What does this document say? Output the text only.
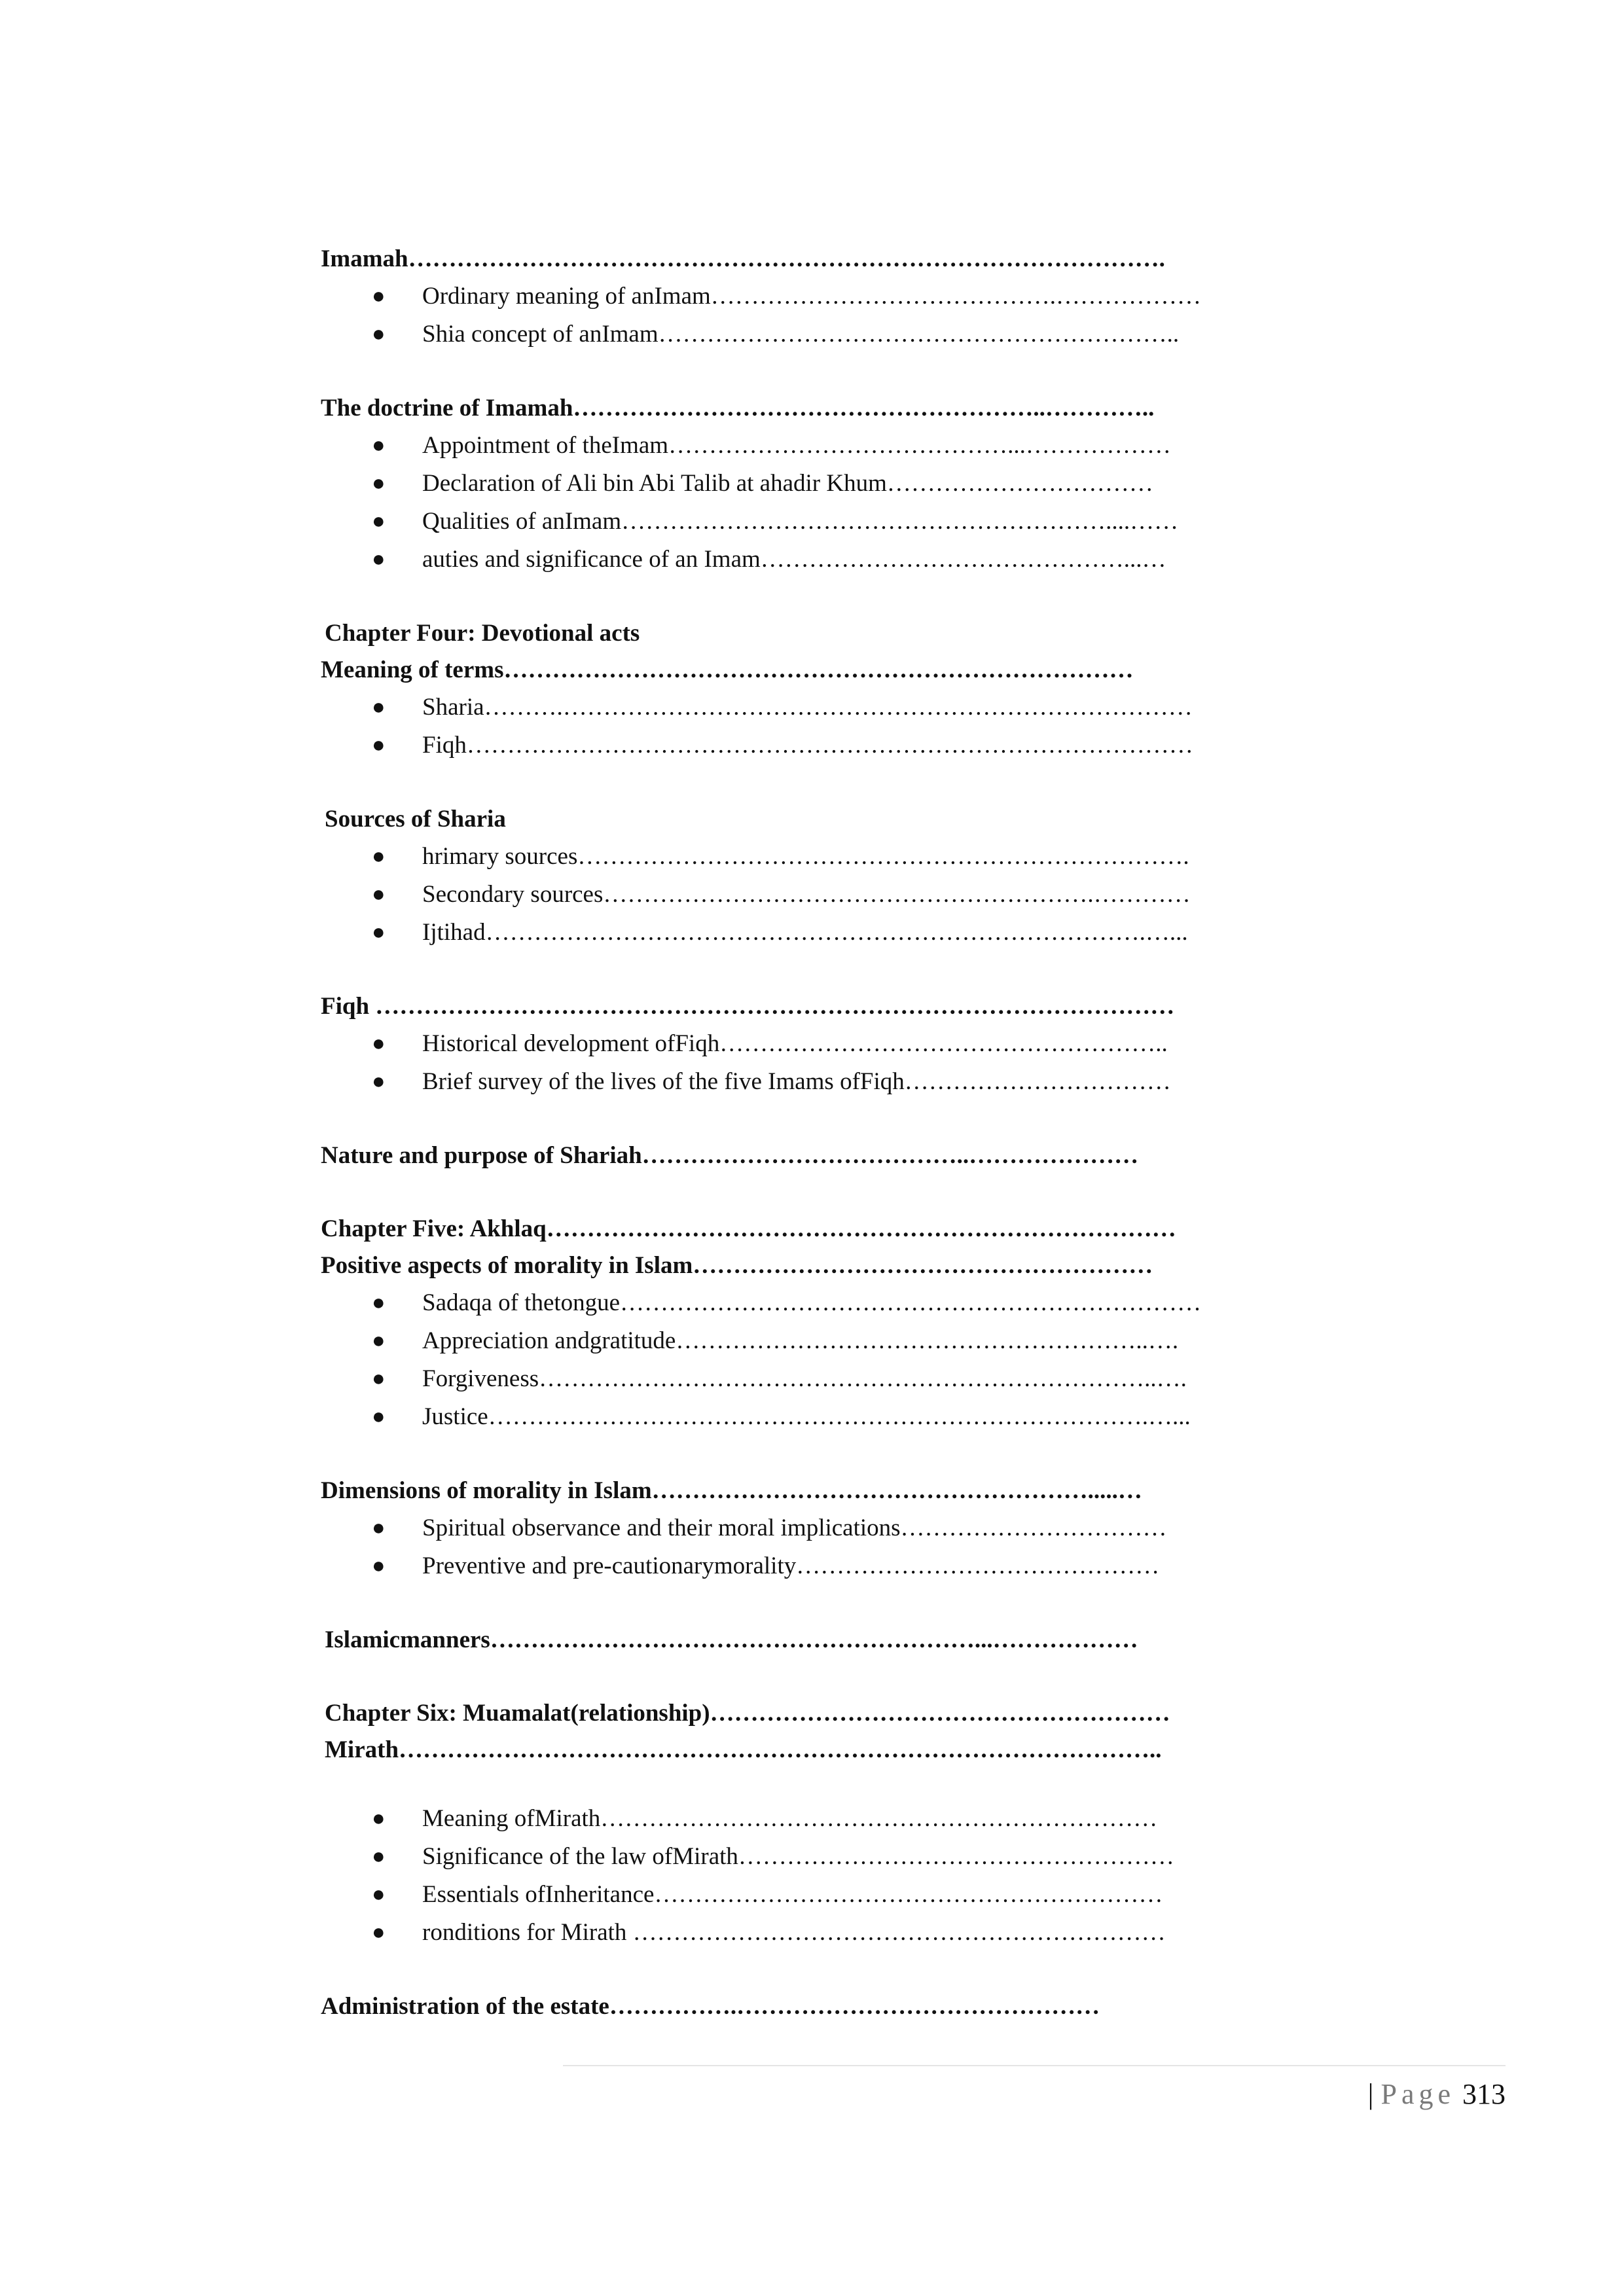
Imamah………………………………………………………………………………….
● Ordinary meaning of anImam…………………………………….………………
● Shia concept of anImam………………………………………………………..
The doctrine of Imamah…………………………………………………..…………..
● Appointment of theImam……………………………………...………………
● Declaration of Ali bin Abi Talib at ahadir Khum……………………………
● Qualities of anImam……………………………………………………....……
● auties and significance of an Imam………………………………………...…
Chapter Four: Devotional acts
Meaning of terms……………………………………………………………………
● Sharia……….……………………………………………………………………
● Fiqh………………………………………………………………………………
Sources of Sharia
● hrimary sources………………………………………………………………….
● Secondary sources…………………………………………………….…………
● Ijtihad……………………………………………………………………….…...
Fiqh ………………………………………………………………………………………
● Historical development ofFiqh………………………………………………..
● Brief survey of the lives of the five Imams ofFiqh……………………………
Nature and purpose of Shariah…………………………………..…………………
Chapter Five: Akhlaq……………………………………………………………………
Positive aspects of morality in Islam…………………………………………………
● Sadaqa of thetongue………………………………………………………………
● Appreciation andgratitude…………………………………………………..….
● Forgiveness…………………………………………………………………..….
● Justice……………………………………………………………………….…...
Dimensions of morality in Islam……………………………………………….....…
● Spiritual observance and their moral implications……………………………
● Preventive and pre-cautionarymorality………………………………………
Islamicmanners……………………………………………………...………………
Chapter Six: Muamalat(relationship)…………………………………………………
Mirath…………………………………………………………………………………..
● Meaning ofMirath……………………………………………………………
● Significance of the law ofMirath………………………………………………
● Essentials ofInheritance………………………………………………………
● ronditions for Mirath …………………………………………………………
Administration of the estate…………….………………………………………
| Page 313
